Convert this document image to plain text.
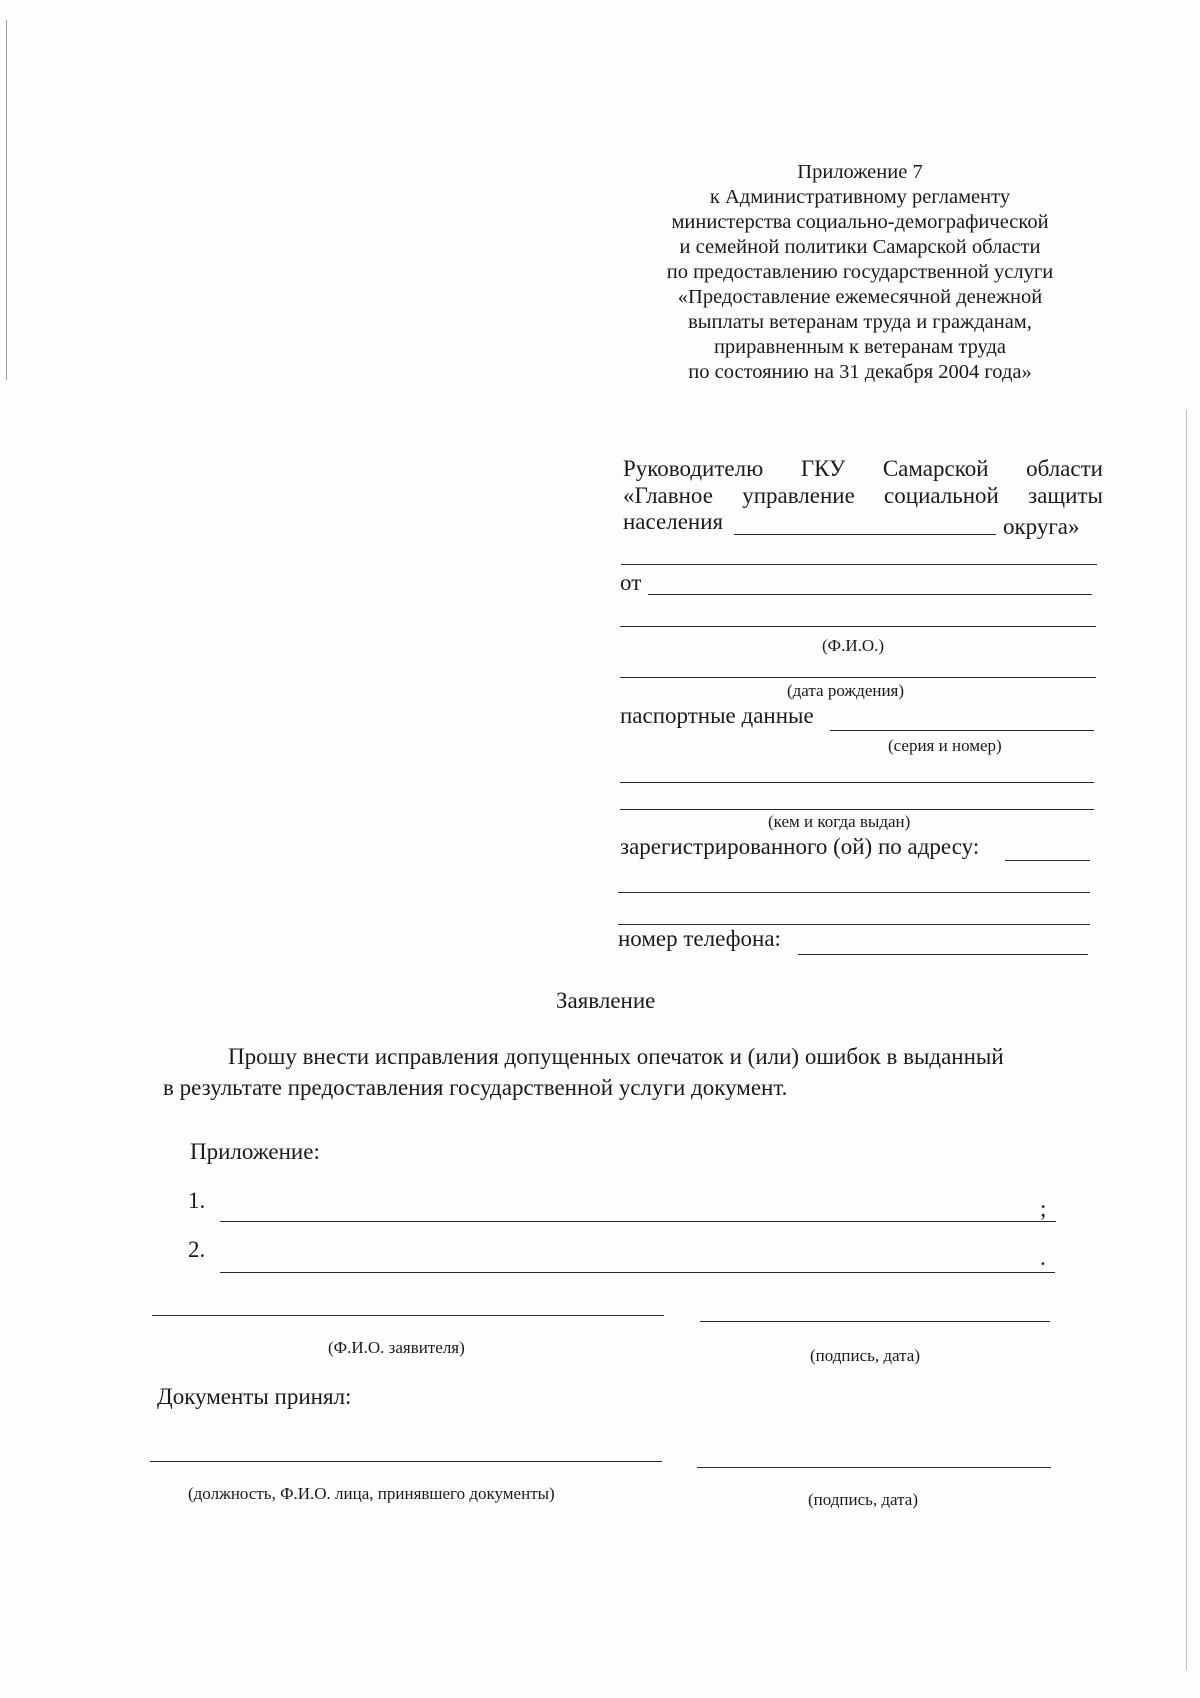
Приложение 7
к Административному регламенту
министерства социально-демографической
и семейной политики Самарской области
по предоставлению государственной услуги
«Предоставление ежемесячной денежной
выплаты ветеранам труда и гражданам,
приравненным к ветеранам труда
по состоянию на 31 декабря 2004 года»
Руководителю ГКУ Самарской области
«Главное управление социальной защиты
населения	округа»
от
(Ф.И.О.)
(дата рождения)
паспортные данные
(серия и номер)
(кем и когда выдан)
зарегистрированного (ой) по адресу:
номер телефона:
Заявление
Прошу внести исправления допущенных опечаток и (или) ошибок в выданный
в результате предоставления государственной услуги документ.
Приложение:
1.	;
2.	.
(Ф.И.О. заявителя)	(подпись, дата)
Документы принял:
(должность, Ф.И.О. лица, принявшего документы)	(подпись, дата)
